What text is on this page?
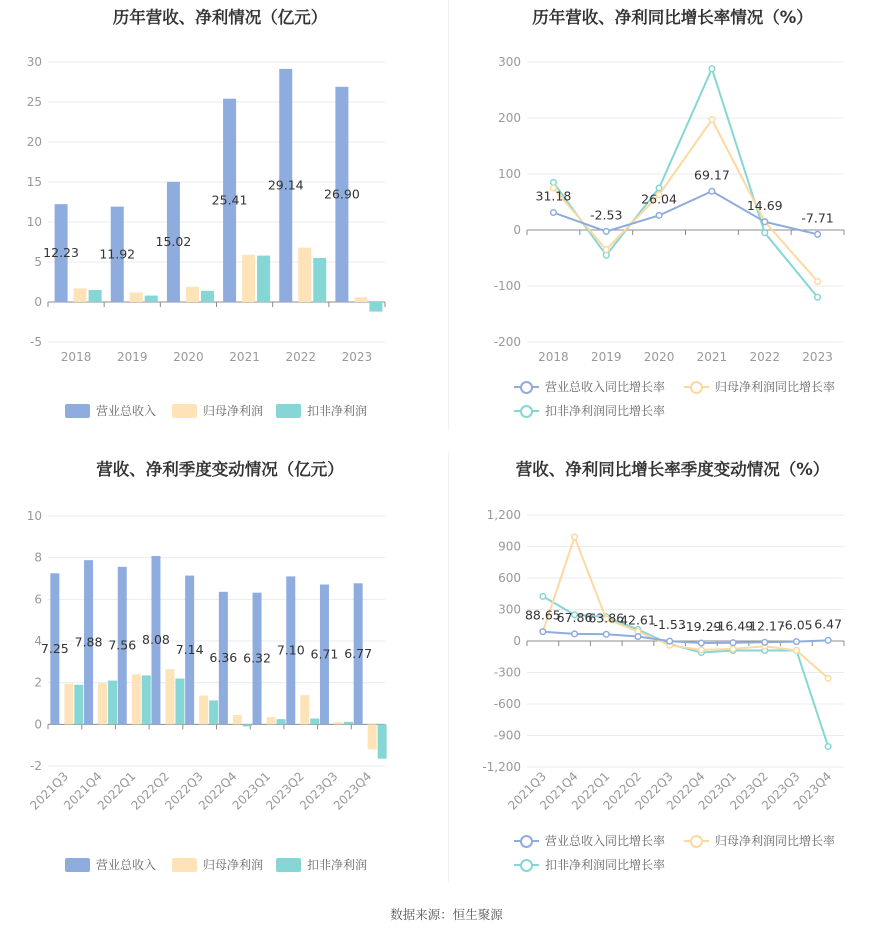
历年营收、净利情况（亿元）
30
25
20
15
10
5
0
-5
2018 2019 2020 2021 2022 2023
12.23 11.92
15.02
25.41
29.14
26.90
营业总收入	归母净利润	扣非净利润
历年营收、净利同比增长率情况（%）
300
200
100
0
-100
-200
2018 2019 2020 2021 2022 2023
31.18
-2.53
26.04
69.17
14.69
-7.71
营业总收入同比增长率	归母净利润同比增长率
扣非净利润同比增长率
营收、净利季度变动情况（亿元）
10
8
6
4
2
0
-2
2021Q3
2021Q4
2022Q1
2022Q2
2022Q3
2022Q4
2023Q1
2023Q2
2023Q3
2023Q4
7.25 7.88 7.56 8.08
7.14
6.36 6.32
7.10 6.71 6.77
营业总收入	归母净利润	扣非净利润
营收、净利同比增长率季度变动情况（%）
1,200
900
600
300
0
-300
-600
-900
-1,200
2021Q3
2021Q4
2022Q1
2022Q2
2022Q3
2022Q4
2023Q1
2023Q2
2023Q3
2023Q4
88.65
67.86
63.86
42.61
-1.53
-19.29
-16.49
-12.17
-6.05 6.47
营业总收入同比增长率	归母净利润同比增长率
扣非净利润同比增长率
数据来源：恒生聚源
